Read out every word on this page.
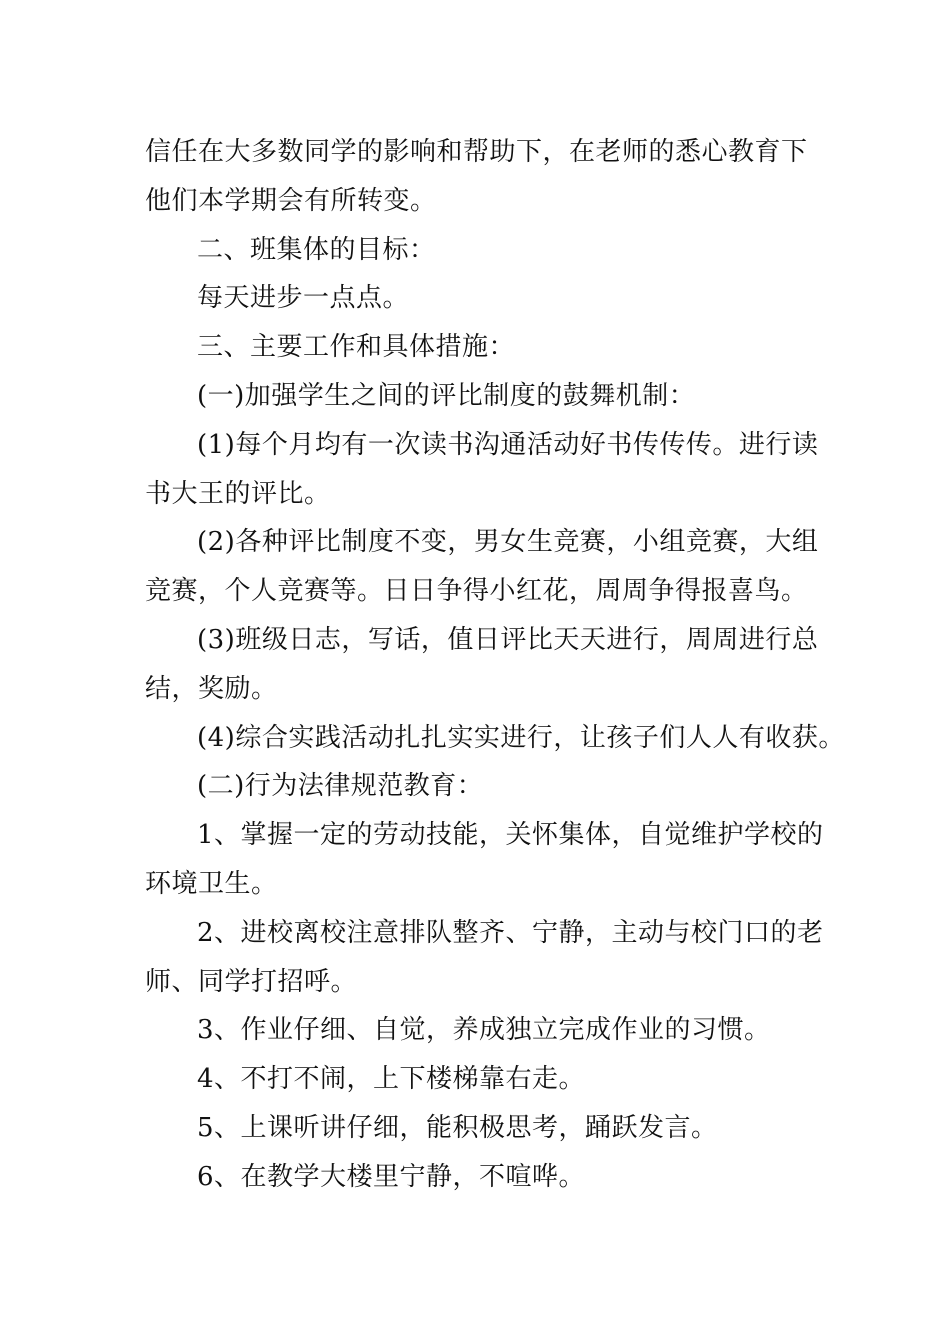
信任在大多数同学的影响和帮助下，在老师的悉心教育下
他们本学期会有所转变。
二、班集体的目标：
每天进步一点点。
三、主要工作和具体措施：
(一)加强学生之间的评比制度的鼓舞机制：
(1)每个月均有一次读书沟通活动好书传传传。进行读
书大王的评比。
(2)各种评比制度不变，男女生竞赛，小组竞赛，大组
竞赛，个人竞赛等。日日争得小红花，周周争得报喜鸟。
(3)班级日志，写话，值日评比天天进行，周周进行总
结，奖励。
(4)综合实践活动扎扎实实进行，让孩子们人人有收获。
(二)行为法律规范教育：
1、掌握一定的劳动技能，关怀集体，自觉维护学校的
环境卫生。
2、进校离校注意排队整齐、宁静，主动与校门口的老
师、同学打招呼。
3、作业仔细、自觉，养成独立完成作业的习惯。
4、不打不闹，上下楼梯靠右走。
5、上课听讲仔细，能积极思考，踊跃发言。
6、在教学大楼里宁静，不喧哗。
